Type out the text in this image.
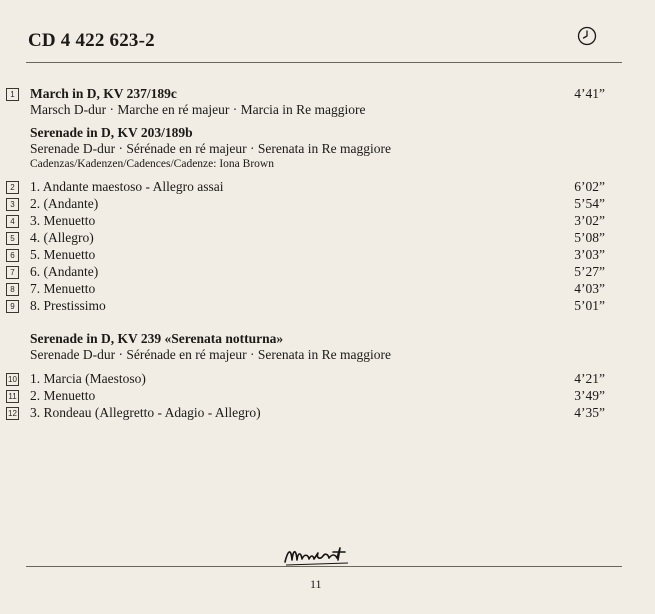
CD 4 422 623-2
1	March in D, KV 237/189c	4’41”
Marsch D-dur · Marche en ré majeur · Marcia in Re maggiore
Serenade in D, KV 203/189b
Serenade D-dur · Sérénade en ré majeur · Serenata in Re maggiore
Cadenzas/Kadenzen/Cadences/Cadenze: Iona Brown
2	1. Andante maestoso - Allegro assai	6’02”
3	2. (Andante)	5’54”
4	3. Menuetto	3’02”
5	4. (Allegro)	5’08”
6	5. Menuetto	3’03”
7	6. (Andante)	5’27”
8	7. Menuetto	4’03”
9	8. Prestissimo	5’01”
Serenade in D, KV 239 «Serenata notturna»
Serenade D-dur · Sérénade en ré majeur · Serenata in Re maggiore
10 1. Marcia (Maestoso)	4’21”
11 2. Menuetto	3’49”
12 3. Rondeau (Allegretto - Adagio - Allegro)	4’35”
11
